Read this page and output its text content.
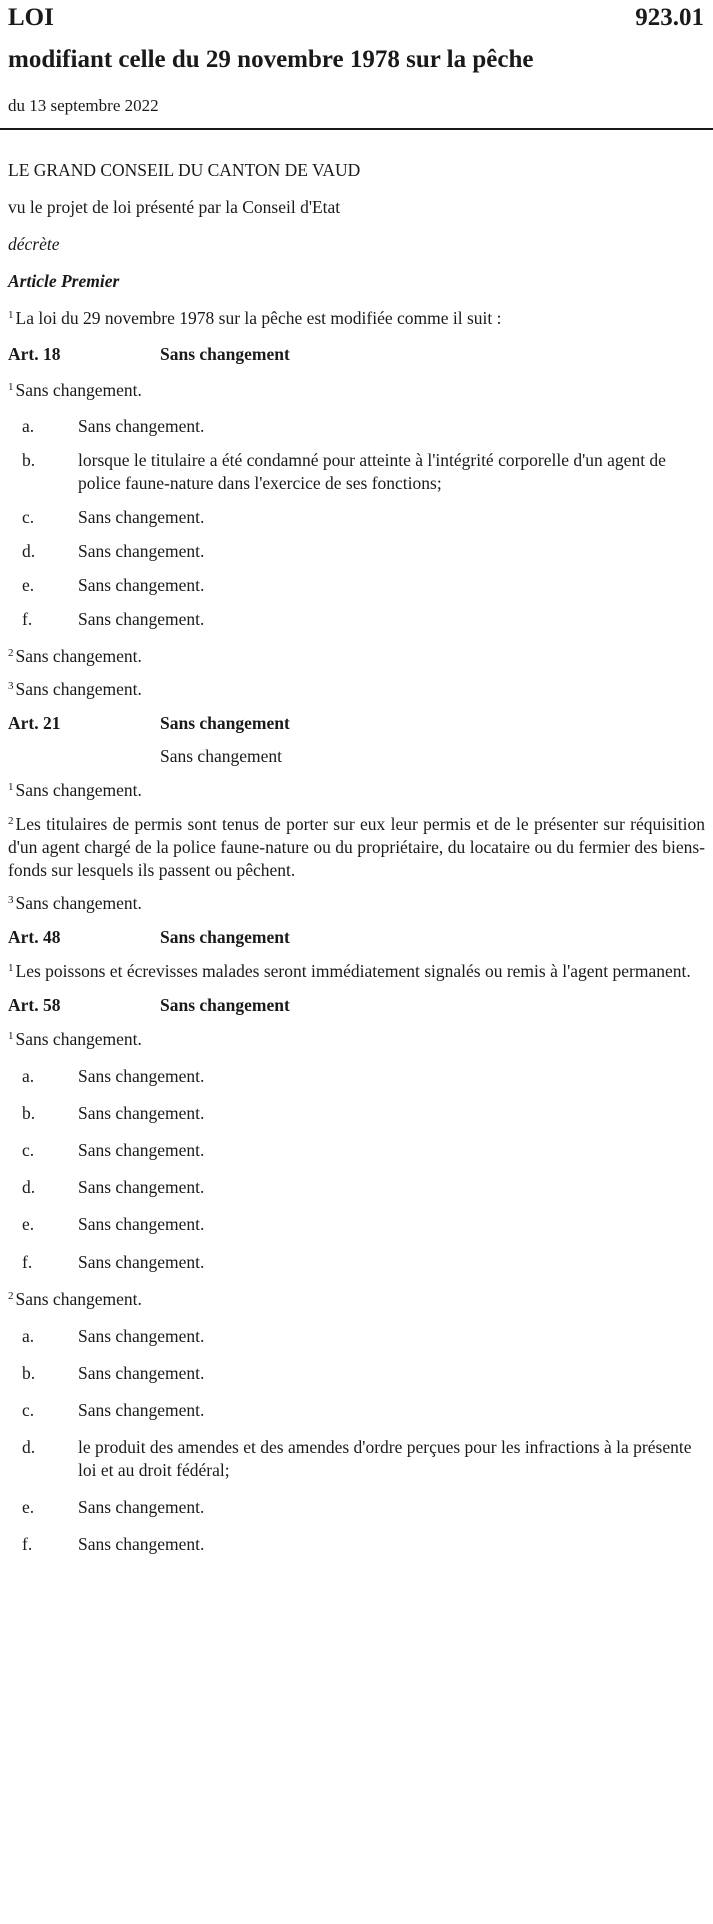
LOI	923.01
modifiant celle du 29 novembre 1978 sur la pêche
du 13 septembre 2022
LE GRAND CONSEIL DU CANTON DE VAUD
vu le projet de loi présenté par la Conseil d'Etat
décrète
Article Premier
$^1$ La loi du 29 novembre 1978 sur la pêche est modifiée comme il suit :
Art. 18	Sans changement
$^1$ Sans changement.
a.	Sans changement.
b.	lorsque le titulaire a été condamné pour atteinte à l'intégrité corporelle d'un agent de police faune-nature dans l'exercice de ses fonctions;
c.	Sans changement.
d.	Sans changement.
e.	Sans changement.
f.	Sans changement.
$^2$ Sans changement.
$^3$ Sans changement.
Art. 21	Sans changement
Sans changement
$^1$ Sans changement.
$^2$ Les titulaires de permis sont tenus de porter sur eux leur permis et de le présenter sur réquisition d'un agent chargé de la police faune-nature ou du propriétaire, du locataire ou du fermier des biens-fonds sur lesquels ils passent ou pêchent.
$^3$ Sans changement.
Art. 48	Sans changement
$^1$ Les poissons et écrevisses malades seront immédiatement signalés ou remis à l'agent permanent.
Art. 58	Sans changement
$^1$ Sans changement.
a.	Sans changement.
b.	Sans changement.
c.	Sans changement.
d.	Sans changement.
e.	Sans changement.
f.	Sans changement.
$^2$ Sans changement.
a.	Sans changement.
b.	Sans changement.
c.	Sans changement.
d.	le produit des amendes et des amendes d'ordre perçues pour les infractions à la présente loi et au droit fédéral;
e.	Sans changement.
f.	Sans changement.
